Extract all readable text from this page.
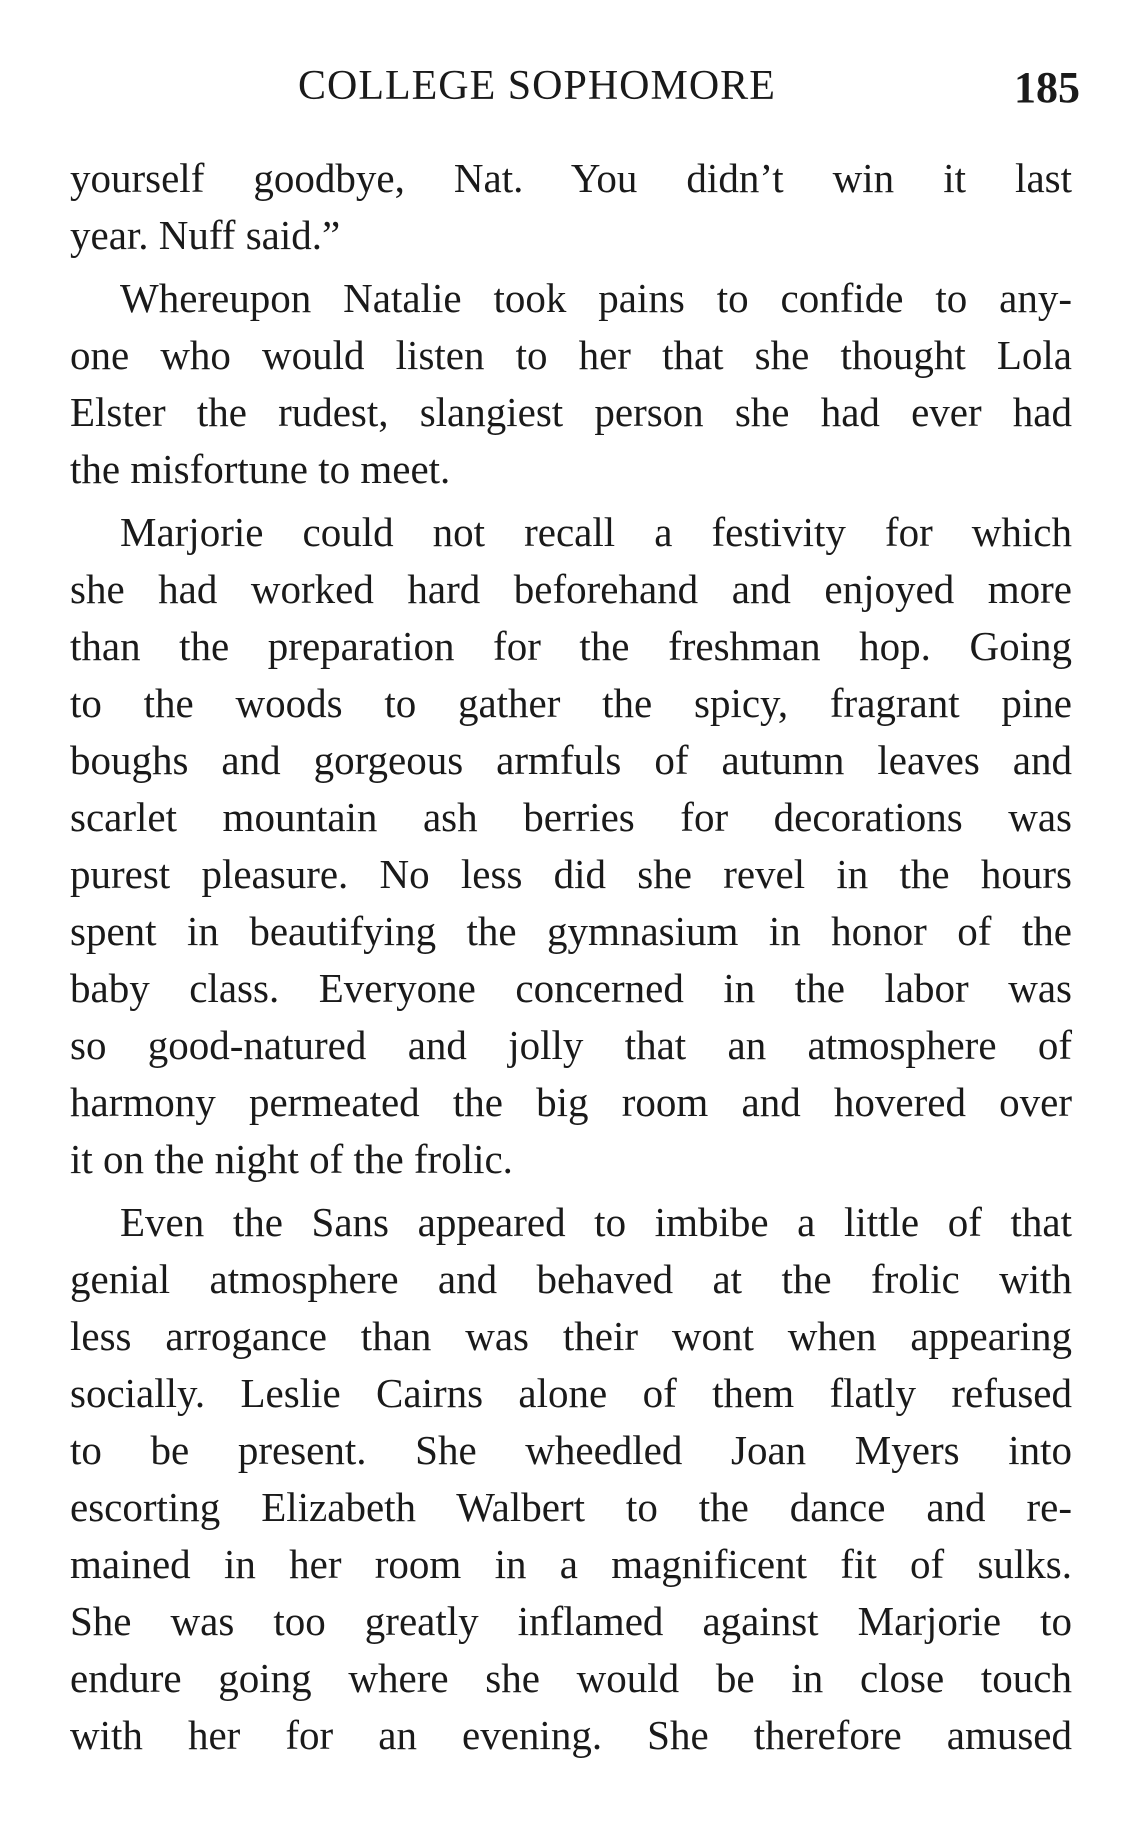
COLLEGE SOPHOMORE	185
yourself goodbye, Nat. You didn’t win it last
year. Nuff said.”
Whereupon Natalie took pains to confide to any-
one who would listen to her that she thought Lola
Elster the rudest, slangiest person she had ever had
the misfortune to meet.
Marjorie could not recall a festivity for which
she had worked hard beforehand and enjoyed more
than the preparation for the freshman hop. Going
to the woods to gather the spicy, fragrant pine
boughs and gorgeous armfuls of autumn leaves and
scarlet mountain ash berries for decorations was
purest pleasure. No less did she revel in the hours
spent in beautifying the gymnasium in honor of the
baby class. Everyone concerned in the labor was
so good-natured and jolly that an atmosphere of
harmony permeated the big room and hovered over
it on the night of the frolic.
Even the Sans appeared to imbibe a little of that
genial atmosphere and behaved at the frolic with
less arrogance than was their wont when appearing
socially. Leslie Cairns alone of them flatly refused
to be present. She wheedled Joan Myers into
escorting Elizabeth Walbert to the dance and re-
mained in her room in a magnificent fit of sulks.
She was too greatly inflamed against Marjorie to
endure going where she would be in close touch
with her for an evening. She therefore amused
